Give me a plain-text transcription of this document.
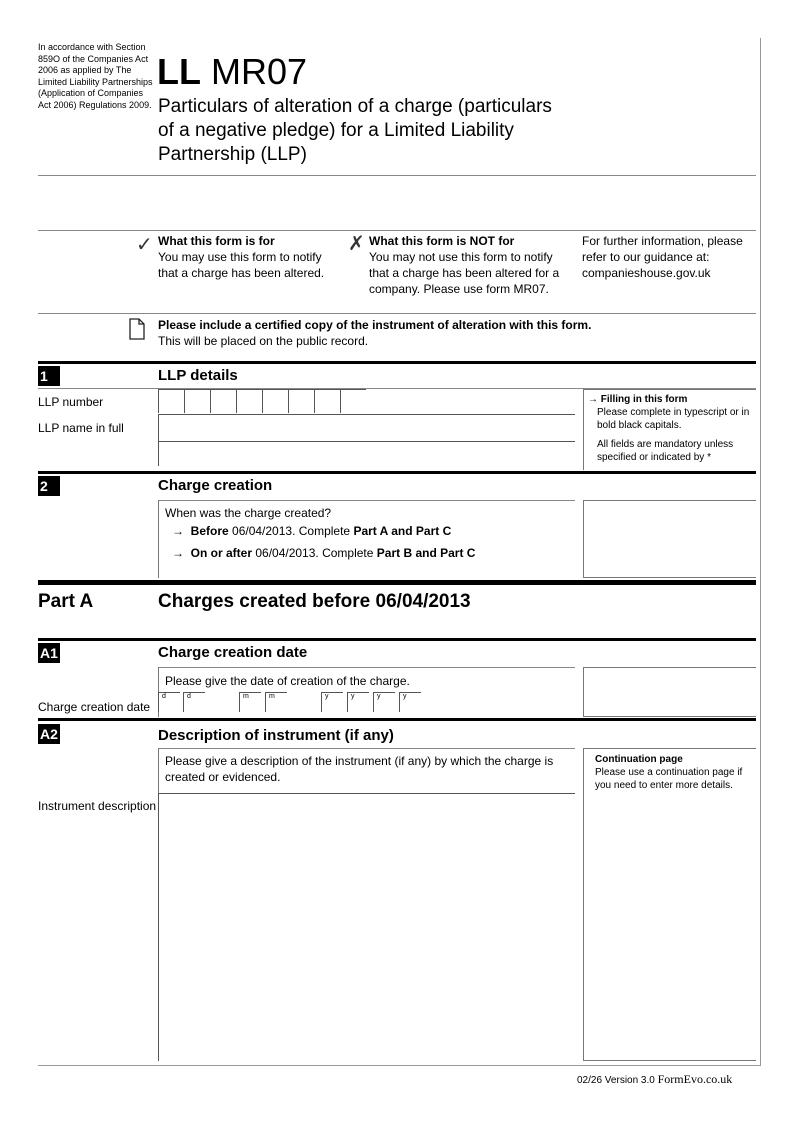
In accordance with Section 859O of the Companies Act 2006 as applied by The Limited Liability Partnerships (Application of Companies Act 2006) Regulations 2009.
LL MR07
Particulars of alteration of a charge (particulars of a negative pledge) for a Limited Liability Partnership (LLP)
✓ What this form is for
You may use this form to notify that a charge has been altered.
✗ What this form is NOT for
You may not use this form to notify that a charge has been altered for a company. Please use form MR07.
For further information, please refer to our guidance at: companieshouse.gov.uk
Please include a certified copy of the instrument of alteration with this form.
This will be placed on the public record.
1	LLP details
LLP number
LLP name in full
→ Filling in this form
Please complete in typescript or in bold black capitals.
All fields are mandatory unless specified or indicated by *
2	Charge creation
When was the charge created?
→  Before 06/04/2013. Complete Part A and Part C
→  On or after 06/04/2013. Complete Part B and Part C
Part A	Charges created before 06/04/2013
A1	Charge creation date
Please give the date of creation of the charge.
Charge creation date
d	d	m	m	y	y	y	y
A2	Description of instrument (if any)
Please give a description of the instrument (if any) by which the charge is created or evidenced.
Continuation page
Please use a continuation page if you need to enter more details.
Instrument description
02/26 Version 3.0 FormEvo.co.uk
